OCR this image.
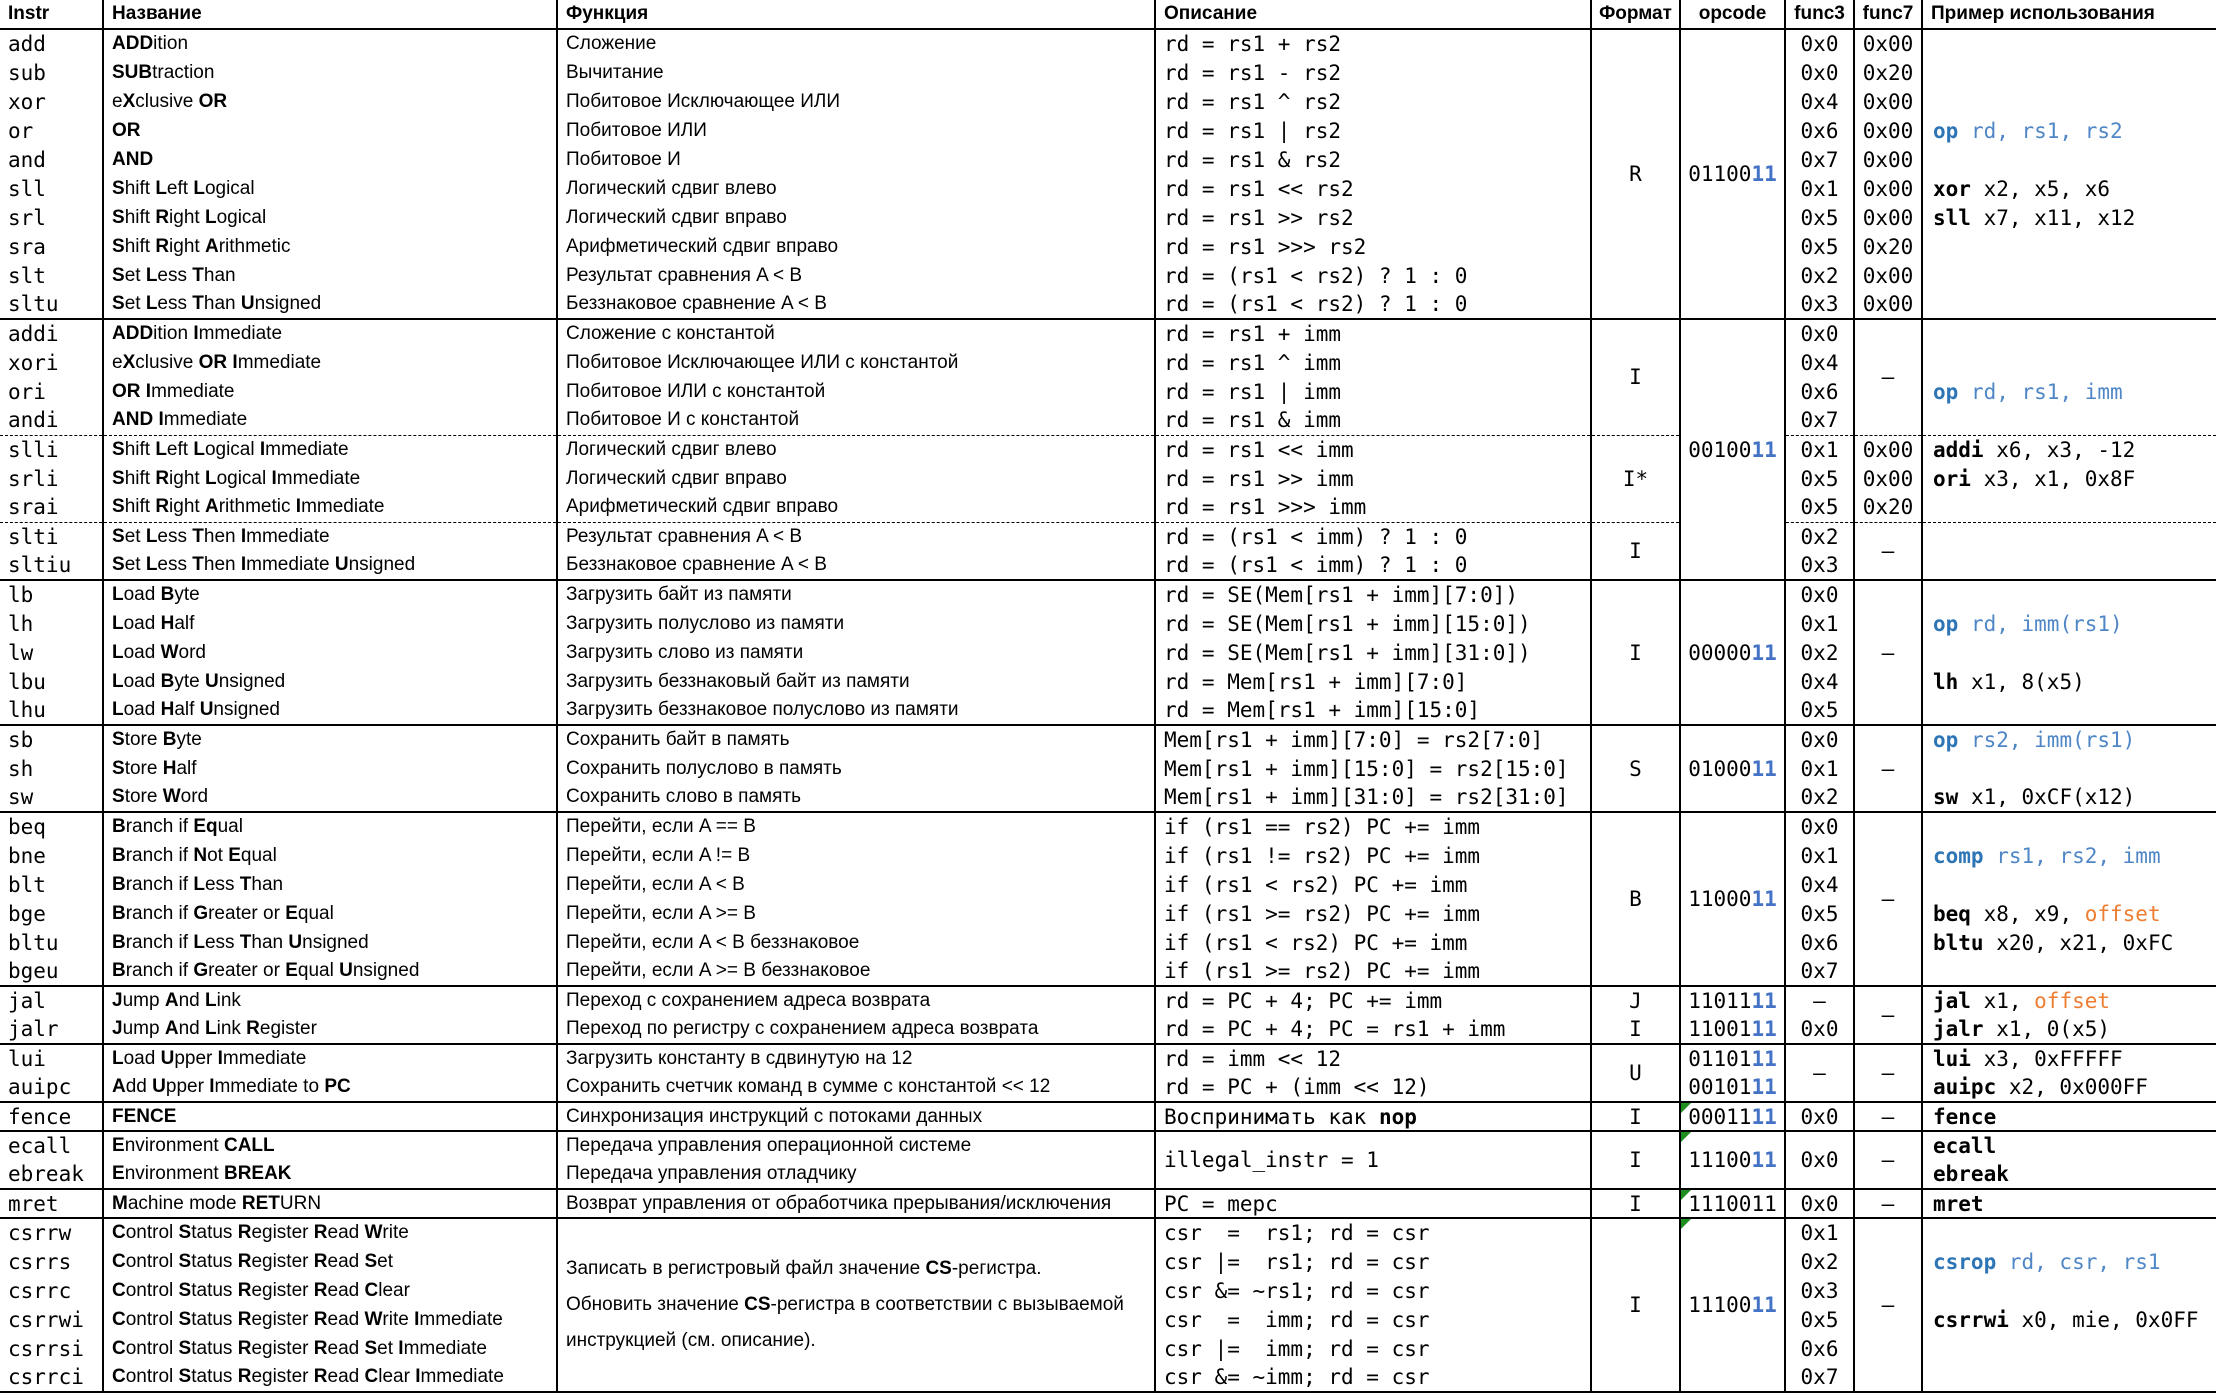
Instr	Название	Функция	Описание	Формат	opcode	func3	func7	Пример использования
add	ADDition	Сложение	rd = rs1 + rs2	R	0110011	0x0	0x00	
sub	SUBtraction	Вычитание	rd = rs1 - rs2			0x0	0x20	
xor	eXclusive OR	Побитовое Исключающее ИЛИ	rd = rs1 ^ rs2			0x4	0x00	
or	OR	Побитовое ИЛИ	rd = rs1 | rs2			0x6	0x00	op rd, rs1, rs2
and	AND	Побитовое И	rd = rs1 & rs2			0x7	0x00	
sll	Shift Left Logical	Логический сдвиг влево	rd = rs1 << rs2			0x1	0x00	xor x2, x5, x6
srl	Shift Right Logical	Логический сдвиг вправо	rd = rs1 >> rs2			0x5	0x00	sll x7, x11, x12
sra	Shift Right Arithmetic	Арифметический сдвиг вправо	rd = rs1 >>> rs2			0x5	0x20	
slt	Set Less Than	Результат сравнения A < B	rd = (rs1 < rs2) ? 1 : 0			0x2	0x00	
sltu	Set Less Than Unsigned	Беззнаковое сравнение A < B	rd = (rs1 < rs2) ? 1 : 0			0x3	0x00	
addi	ADDition Immediate	Сложение с константой	rd = rs1 + imm	I	0010011	0x0	–	
xori	eXclusive OR Immediate	Побитовое Исключающее ИЛИ с константой	rd = rs1 ^ imm			0x4		
ori	OR Immediate	Побитовое ИЛИ с константой	rd = rs1 | imm			0x6		op rd, rs1, imm
andi	AND Immediate	Побитовое И с константой	rd = rs1 & imm			0x7		
slli	Shift Left Logical Immediate	Логический сдвиг влево	rd = rs1 << imm	I*		0x1	0x00	addi x6, x3, -12
srli	Shift Right Logical Immediate	Логический сдвиг вправо	rd = rs1 >> imm			0x5	0x00	ori x3, x1, 0x8F
srai	Shift Right Arithmetic Immediate	Арифметический сдвиг вправо	rd = rs1 >>> imm			0x5	0x20	
slti	Set Less Then Immediate	Результат сравнения A < B	rd = (rs1 < imm) ? 1 : 0	I		0x2	–	
sltiu	Set Less Then Immediate Unsigned	Беззнаковое сравнение A < B	rd = (rs1 < imm) ? 1 : 0			0x3		
lb	Load Byte	Загрузить байт из памяти	rd = SE(Mem[rs1 + imm][7:0])	I	0000011	0x0	–	
lh	Load Half	Загрузить полуслово из памяти	rd = SE(Mem[rs1 + imm][15:0])			0x1		op rd, imm(rs1)
lw	Load Word	Загрузить слово из памяти	rd = SE(Mem[rs1 + imm][31:0])			0x2		
lbu	Load Byte Unsigned	Загрузить беззнаковый байт из памяти	rd = Mem[rs1 + imm][7:0]			0x4		lh x1, 8(x5)
lhu	Load Half Unsigned	Загрузить беззнаковое полуслово из памяти	rd = Mem[rs1 + imm][15:0]			0x5		
sb	Store Byte	Сохранить байт в память	Mem[rs1 + imm][7:0] = rs2[7:0]	S	0100011	0x0	–	op rs2, imm(rs1)
sh	Store Half	Сохранить полуслово в память	Mem[rs1 + imm][15:0] = rs2[15:0]			0x1		
sw	Store Word	Сохранить слово в память	Mem[rs1 + imm][31:0] = rs2[31:0]			0x2		sw x1, 0xCF(x12)
beq	Branch if Equal	Перейти, если A == B	if (rs1 == rs2) PC += imm	B	1100011	0x0	–	
bne	Branch if Not Equal	Перейти, если A != B	if (rs1 != rs2) PC += imm			0x1		comp rs1, rs2, imm
blt	Branch if Less Than	Перейти, если A < B	if (rs1 < rs2) PC += imm			0x4		
bge	Branch if Greater or Equal	Перейти, если A >= B	if (rs1 >= rs2) PC += imm			0x5		beq x8, x9, offset
bltu	Branch if Less Than Unsigned	Перейти, если A < B беззнаковое	if (rs1 < rs2) PC += imm			0x6		bltu x20, x21, 0xFC
bgeu	Branch if Greater or Equal Unsigned	Перейти, если A >= B беззнаковое	if (rs1 >= rs2) PC += imm			0x7		
jal	Jump And Link	Переход с сохранением адреса возврата	rd = PC + 4; PC += imm	J	1101111	–	–	jal x1, offset
jalr	Jump And Link Register	Переход по регистру с сохранением адреса возврата	rd = PC + 4; PC = rs1 + imm	I	1100111	0x0		jalr x1, 0(x5)
lui	Load Upper Immediate	Загрузить константу в сдвинутую на 12	rd = imm << 12	U	0110111	–	–	lui x3, 0xFFFFF
auipc	Add Upper Immediate to PC	Сохранить счетчик команд в сумме с константой << 12	rd = PC + (imm << 12)		0010111			auipc x2, 0x000FF
fence	FENCE	Синхронизация инструкций с потоками данных	Воспринимать как nop	I	0001111	0x0	–	fence
ecall	Environment CALL	Передача управления операционной системе	illegal_instr = 1	I	1110011	0x0	–	ecall
ebreak	Environment BREAK	Передача управления отладчику						ebreak
mret	Machine mode RETURN	Возврат управления от обработчика прерывания/исключения	PC = mepc	I	1110011	0x0	–	mret
csrrw	Control Status Register Read Write	Записать в регистровый файл значение CS-регистра.
Обновить значение CS-регистра в соответствии с вызываемой
инструкцией (см. описание).	csr  =  rs1; rd = csr	I	1110011	0x1	–	
csrrs	Control Status Register Read Set		csr |=  rs1; rd = csr			0x2		csrop rd, csr, rs1
csrrc	Control Status Register Read Clear		csr &= ~rs1; rd = csr			0x3		
csrrwi	Control Status Register Read Write Immediate		csr  =  imm; rd = csr			0x5		csrrwi x0, mie, 0x0FF
csrrsi	Control Status Register Read Set Immediate		csr |=  imm; rd = csr			0x6		
csrrci	Control Status Register Read Clear Immediate		csr &= ~imm; rd = csr			0x7		
